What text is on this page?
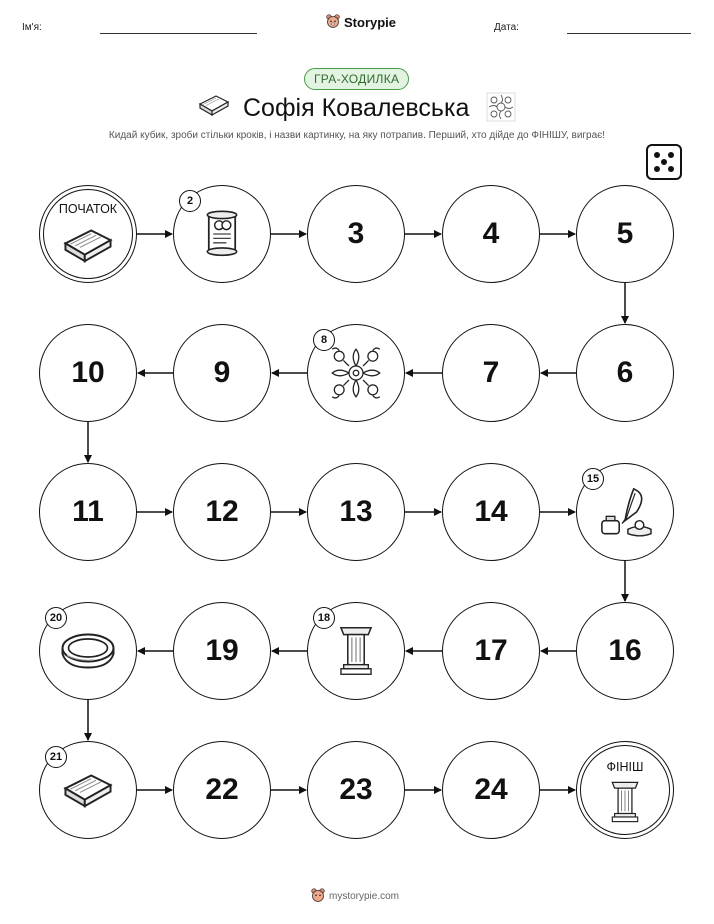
Ім'я:	Storypie	Дата:
ГРА-ХОДИЛКА
Софія Ковалевська
Кидай кубик, зроби стільки кроків, і назви картинку, на яку потрапив. Перший, хто дійде до ФІНІШУ, виграє!
ПОЧАТОК
2
3	4	5
6
7
8
9
10
11	12	13	14
15
16
17
18
19
20
21
22	23	24
ФІНІШ
mystorypie.com
